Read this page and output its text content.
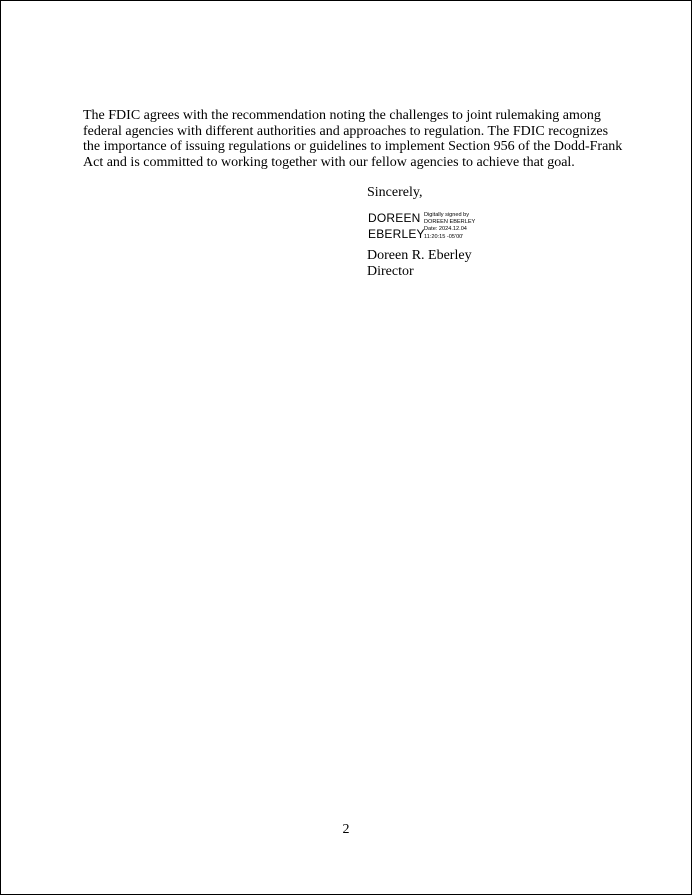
The FDIC agrees with the recommendation noting the challenges to joint rulemaking among
federal agencies with different authorities and approaches to regulation. The FDIC recognizes
the importance of issuing regulations or guidelines to implement Section 956 of the Dodd-Frank
Act and is committed to working together with our fellow agencies to achieve that goal.

Sincerely,
DOREEN
EBERLEY
Digitally signed by
DOREEN EBERLEY
Date: 2024.12.04
11:20:15 -05'00'
Doreen R. Eberley
Director
2
